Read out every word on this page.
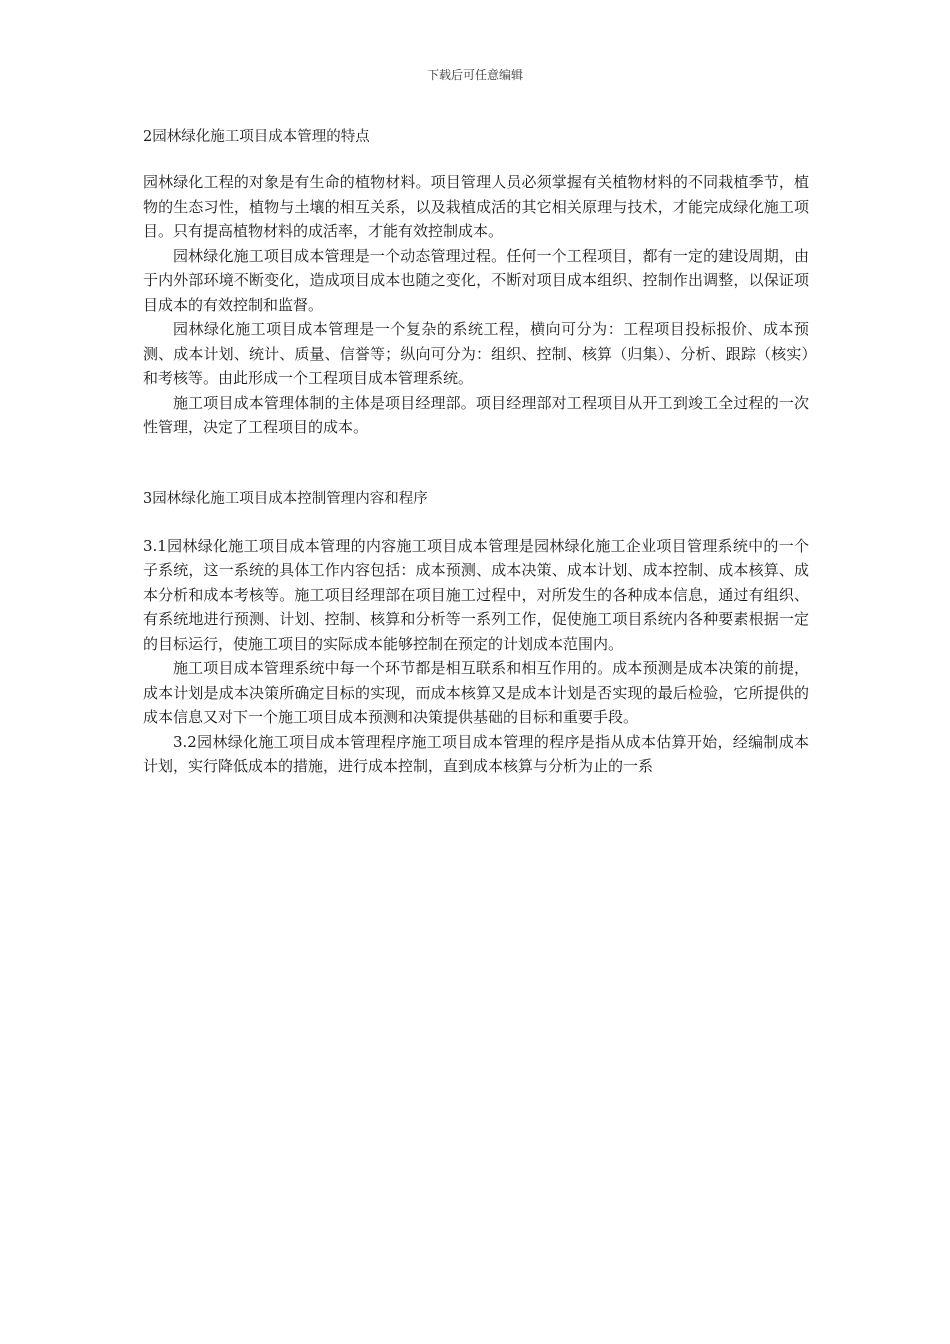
下载后可任意编辑
2园林绿化施工项目成本管理的特点

园林绿化工程的对象是有生命的植物材料。项目管理人员必须掌握有关植物材料的不同栽植季节，植物的生态习性，植物与土壤的相互关系，以及栽植成活的其它相关原理与技术，才能完成绿化施工项目。只有提高植物材料的成活率，才能有效控制成本。

园林绿化施工项目成本管理是一个动态管理过程。任何一个工程项目，都有一定的建设周期，由于内外部环境不断变化，造成项目成本也随之变化，不断对项目成本组织、控制作出调整，以保证项目成本的有效控制和监督。

园林绿化施工项目成本管理是一个复杂的系统工程，横向可分为：工程项目投标报价、成本预测、成本计划、统计、质量、信誉等；纵向可分为：组织、控制、核算（归集）、分析、跟踪（核实）和考核等。由此形成一个工程项目成本管理系统。

施工项目成本管理体制的主体是项目经理部。项目经理部对工程项目从开工到竣工全过程的一次性管理，决定了工程项目的成本。

3园林绿化施工项目成本控制管理内容和程序

3.1园林绿化施工项目成本管理的内容施工项目成本管理是园林绿化施工企业项目管理系统中的一个子系统，这一系统的具体工作内容包括：成本预测、成本决策、成本计划、成本控制、成本核算、成本分析和成本考核等。施工项目经理部在项目施工过程中，对所发生的各种成本信息，通过有组织、有系统地进行预测、计划、控制、核算和分析等一系列工作，促使施工项目系统内各种要素根据一定的目标运行，使施工项目的实际成本能够控制在预定的计划成本范围内。

施工项目成本管理系统中每一个环节都是相互联系和相互作用的。成本预测是成本决策的前提，成本计划是成本决策所确定目标的实现，而成本核算又是成本计划是否实现的最后检验，它所提供的成本信息又对下一个施工项目成本预测和决策提供基础的目标和重要手段。

3.2园林绿化施工项目成本管理程序施工项目成本管理的程序是指从成本估算开始，经编制成本计划，实行降低成本的措施，进行成本控制，直到成本核算与分析为止的一系
